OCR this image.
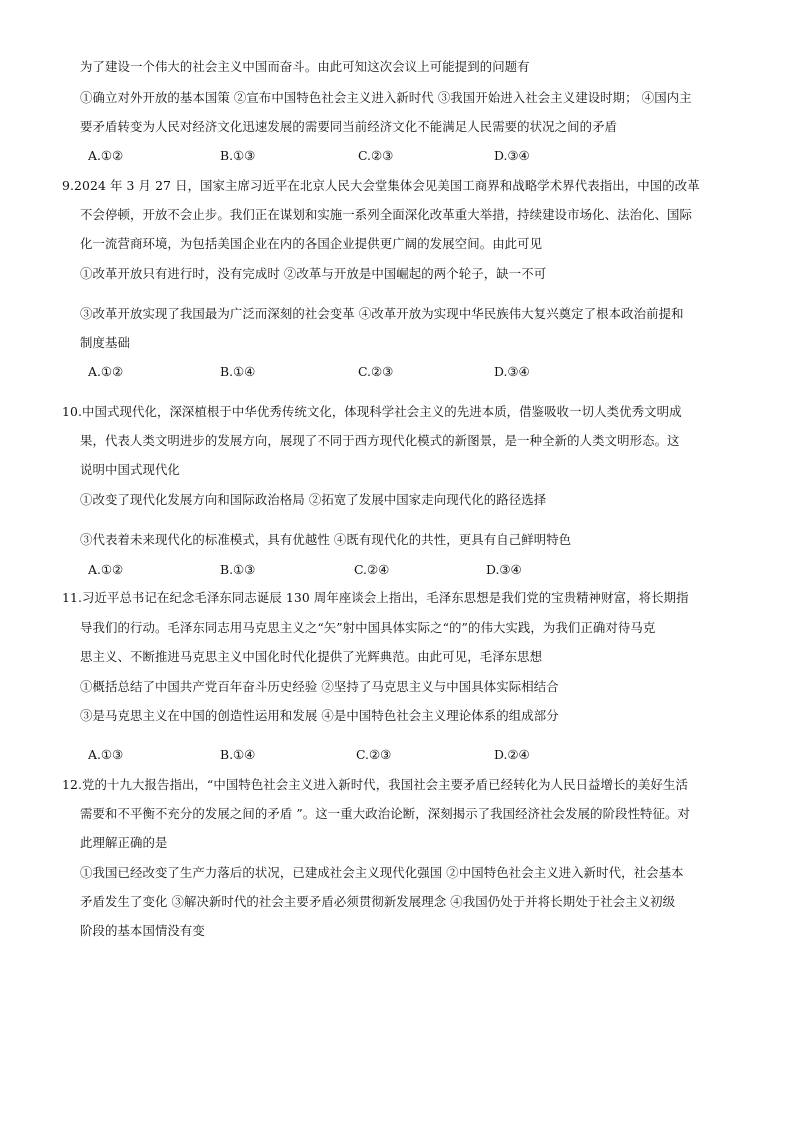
为了建设一个伟大的社会主义中国而奋斗。由此可知这次会议上可能提到的问题有
①确立对外开放的基本国策 ②宣布中国特色社会主义进入新时代 ③我国开始进入社会主义建设时期； ④国内主
要矛盾转变为人民对经济文化迅速发展的需要同当前经济文化不能满足人民需要的状况之间的矛盾
A.①②	B.①③	C.②③	D.③④
9.2024 年 3 月 27 日，国家主席习近平在北京人民大会堂集体会见美国工商界和战略学术界代表指出，中国的改革
不会停顿，开放不会止步。我们正在谋划和实施一系列全面深化改革重大举措，持续建设市场化、法治化、国际
化一流营商环境，为包括美国企业在内的各国企业提供更广阔的发展空间。由此可见
①改革开放只有进行时，没有完成时 ②改革与开放是中国崛起的两个轮子，缺一不可
③改革开放实现了我国最为广泛而深刻的社会变革 ④改革开放为实现中华民族伟大复兴奠定了根本政治前提和
制度基础
A.①②	B.①④	C.②③	D.③④
10.中国式现代化，深深植根于中华优秀传统文化，体现科学社会主义的先进本质，借鉴吸收一切人类优秀文明成
果，代表人类文明进步的发展方向，展现了不同于西方现代化模式的新图景，是一种全新的人类文明形态。这
说明中国式现代化
①改变了现代化发展方向和国际政治格局 ②拓宽了发展中国家走向现代化的路径选择
③代表着未来现代化的标准模式，具有优越性 ④既有现代化的共性，更具有自己鲜明特色
A.①②	B.①③	C.②④	D.③④
11.习近平总书记在纪念毛泽东同志诞辰 130 周年座谈会上指出，毛泽东思想是我们党的宝贵精神财富，将长期指
导我们的行动。毛泽东同志用马克思主义之“矢”射中国具体实际之“的”的伟大实践，为我们正确对待马克
思主义、不断推进马克思主义中国化时代化提供了光辉典范。由此可见，毛泽东思想
①概括总结了中国共产党百年奋斗历史经验 ②坚持了马克思主义与中国具体实际相结合
③是马克思主义在中国的创造性运用和发展 ④是中国特色社会主义理论体系的组成部分
A.①③	B.①④	C.②③	D.②④
12.党的十九大报告指出，“中国特色社会主义进入新时代，我国社会主要矛盾已经转化为人民日益增长的美好生活
需要和不平衡不充分的发展之间的矛盾 ”。这一重大政治论断，深刻揭示了我国经济社会发展的阶段性特征。对
此理解正确的是
①我国已经改变了生产力落后的状况，已建成社会主义现代化强国 ②中国特色社会主义进入新时代，社会基本
矛盾发生了变化 ③解决新时代的社会主要矛盾必须贯彻新发展理念 ④我国仍处于并将长期处于社会主义初级
阶段的基本国情没有变
